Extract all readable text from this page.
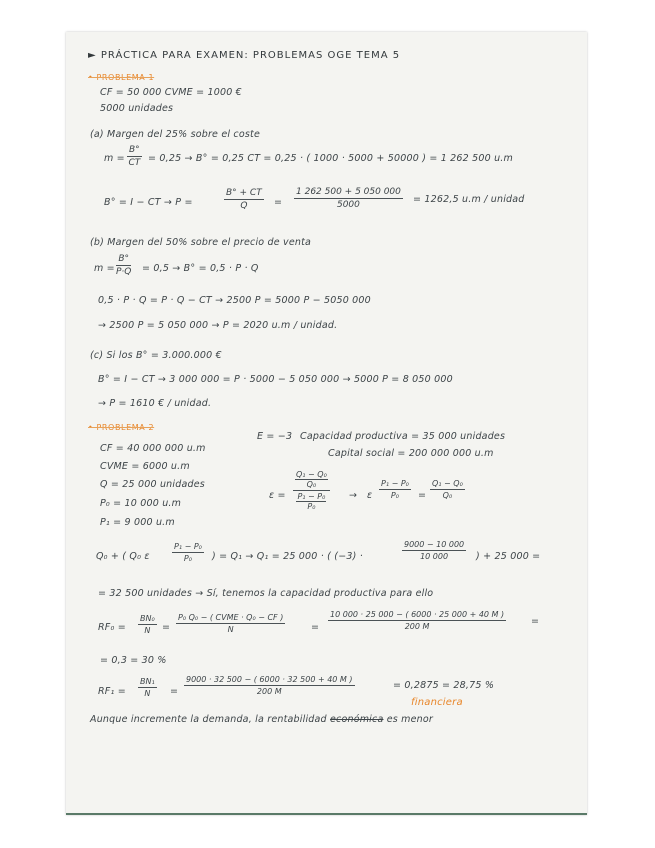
► PRÁCTICA PARA EXAMEN: PROBLEMAS OGE TEMA 5
• PROBLEMA 1
CF = 50 000 CVME = 1000 €
5000 unidades
(a) Margen del 25% sobre el coste
$m = \frac{B^\circ}{CT} = 0,25 \to B^\circ = 0,25$ CT = 0,25 · ( 1000 · 5000 + 50000 ) = 1 262 500 u.m
B° = I − CT → P =	$\frac{B^\circ + CT}{Q} = \frac{1 262 500 + 5 050 000}{5000} = 1262,5$ u.m / unidad
(b) Margen del 50% sobre el precio de venta
$m = \frac{B^\circ}{P\cdot Q} = 0,5 \to B^\circ = 0,5 \cdot P \cdot Q$
0,5 · P · Q = P · Q − CT → 2500 P = 5000 P − 5050 000
→ 2500 P = 5 050 000 → P = 2020 u.m / unidad.
(c) Si los B° = 3.000.000 €
B° = I − CT → 3 000 000 = P · 5000 − 5 050 000 → 5000 P = 8 050 000
→ P = 1610 € / unidad.
• PROBLEMA 2
CF = 40 000 000 u.m
CVME = 6000 u.m
Q = 25 000 unidades
P₀ = 10 000 u.m
P₁ = 9 000 u.m
E = −3 Capacidad productiva = 35 000 unidades
Capital social = 200 000 000 u.m
ε = Q₁ − Q₀
Q₀
P₁ − P₀
P₀ → ε $\frac{\text{P₁ − P₀}}{\text{P₀}} = \frac{\text{Q₁ − Q₀}}{\text{Q₀}}$
Q₀ + ( Q₀ ε	$\frac{\text{P₁ − P₀}}{\text{P₀}}$ ) = Q₁ → Q₁ = 25 000 · ( (−3) ·	$\frac{9000 - 10 000}{10 000}$ ) + 25 000 =
= 32 500 unidades → Sí, tenemos la capacidad productiva para ello
$RF_0 = \frac{\text{BN₀}}{N}$ =
P₀ Q₀ − ( CVME · Q₀ − CF )
N	= $\frac{10 000 \cdot 25 000 - ( 6000 \cdot 25 000 + 40 M )}{200 M}$	=
= 0,3 = 30 %
$RF_1 = \frac{\text{BN₁}}{N} = \frac{9000 \cdot 32 500 - ( 6000 \cdot 32 500 + 40 M )}{200 M}$	= 0,2875 = 28,75 %
financiera
Aunque incremente la demanda, la rentabilidad económica es menor
